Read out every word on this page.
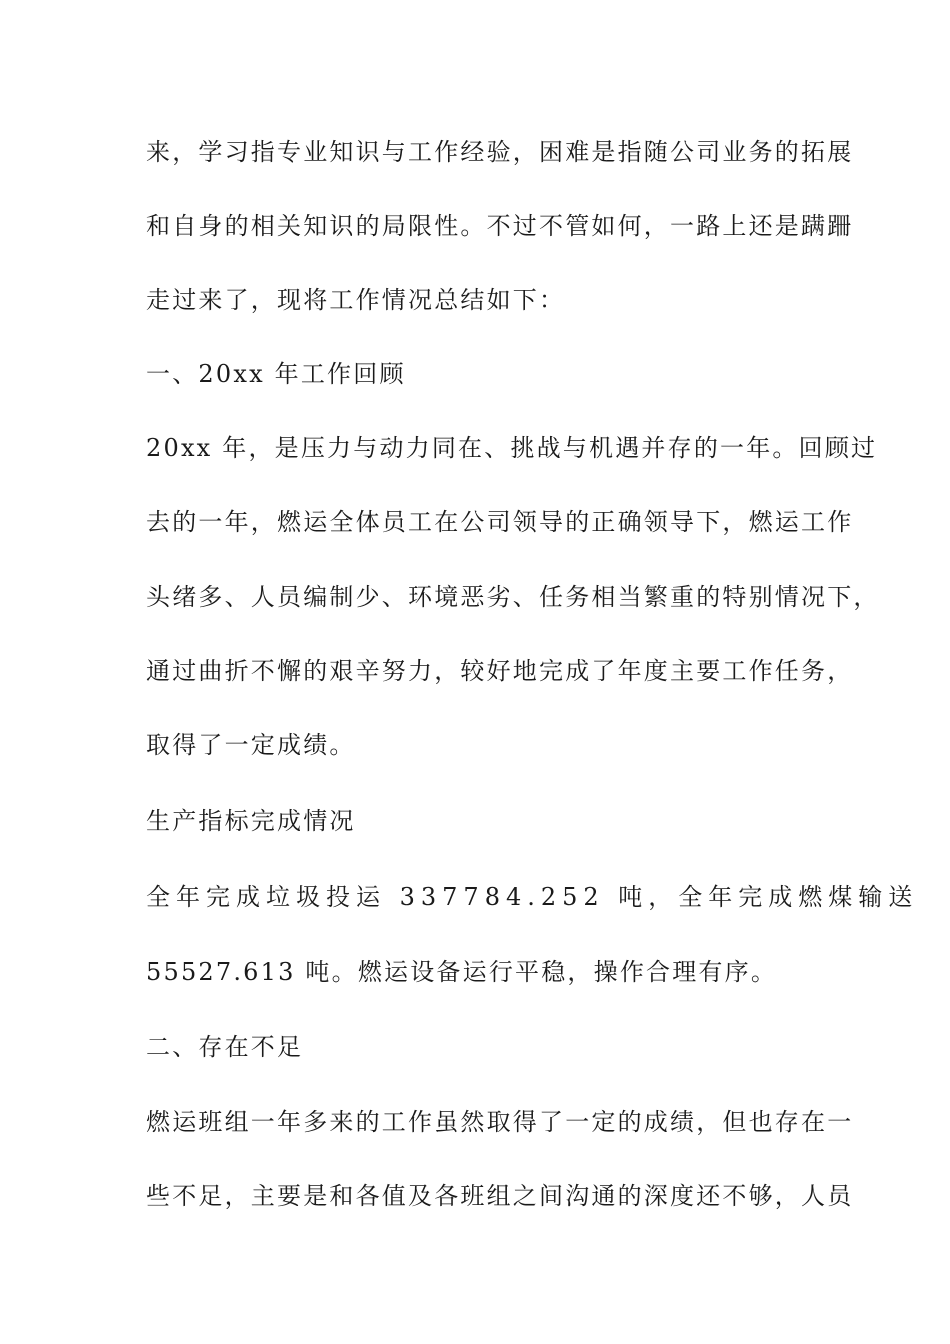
来，学习指专业知识与工作经验，困难是指随公司业务的拓展
和自身的相关知识的局限性。不过不管如何，一路上还是蹒跚
走过来了，现将工作情况总结如下：
一、20xx 年工作回顾
20xx 年，是压力与动力同在、挑战与机遇并存的一年。回顾过
去的一年，燃运全体员工在公司领导的正确领导下，燃运工作
头绪多、人员编制少、环境恶劣、任务相当繁重的特别情况下，
通过曲折不懈的艰辛努力，较好地完成了年度主要工作任务，
取得了一定成绩。
生产指标完成情况
全年完成垃圾投运 337784.252 吨，全年完成燃煤输送
55527.613 吨。燃运设备运行平稳，操作合理有序。
二、存在不足
燃运班组一年多来的工作虽然取得了一定的成绩，但也存在一
些不足，主要是和各值及各班组之间沟通的深度还不够，人员
